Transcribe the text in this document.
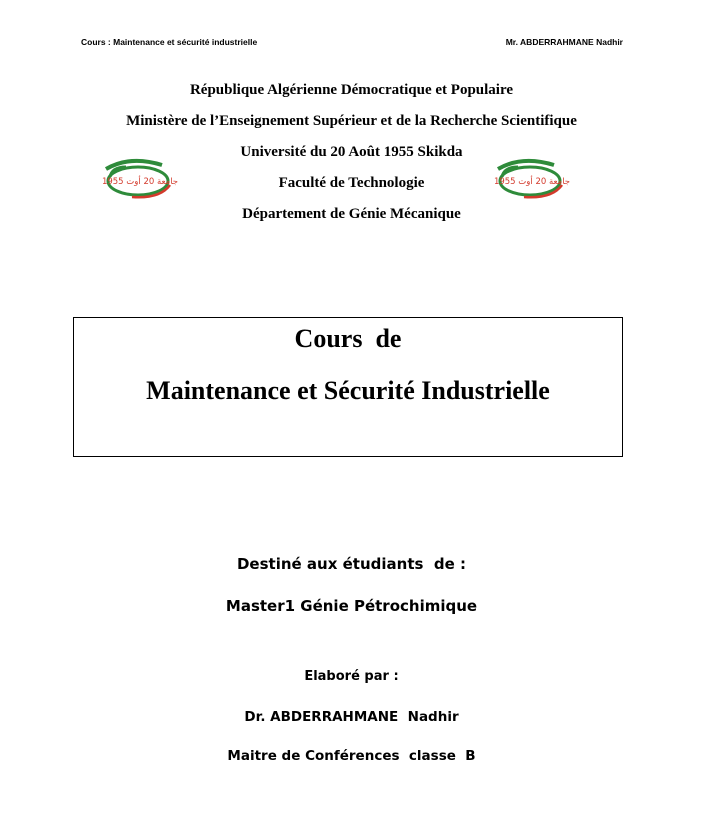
Cours : Maintenance et sécurité industrielle	Mr. ABDERRAHMANE Nadhir
République Algérienne Démocratique et Populaire
Ministère de l’Enseignement Supérieur et de la Recherche Scientifique
Université du 20 Août 1955 Skikda
Faculté de Technologie
Département de Génie Mécanique
جامعة 20 أوت 1955	جامعة 20 أوت 1955
Cours  de
Maintenance et Sécurité Industrielle
Destiné aux étudiants  de :
Master1 Génie Pétrochimique
Elaboré par :
Dr. ABDERRAHMANE  Nadhir
Maitre de Conférences  classe  B
